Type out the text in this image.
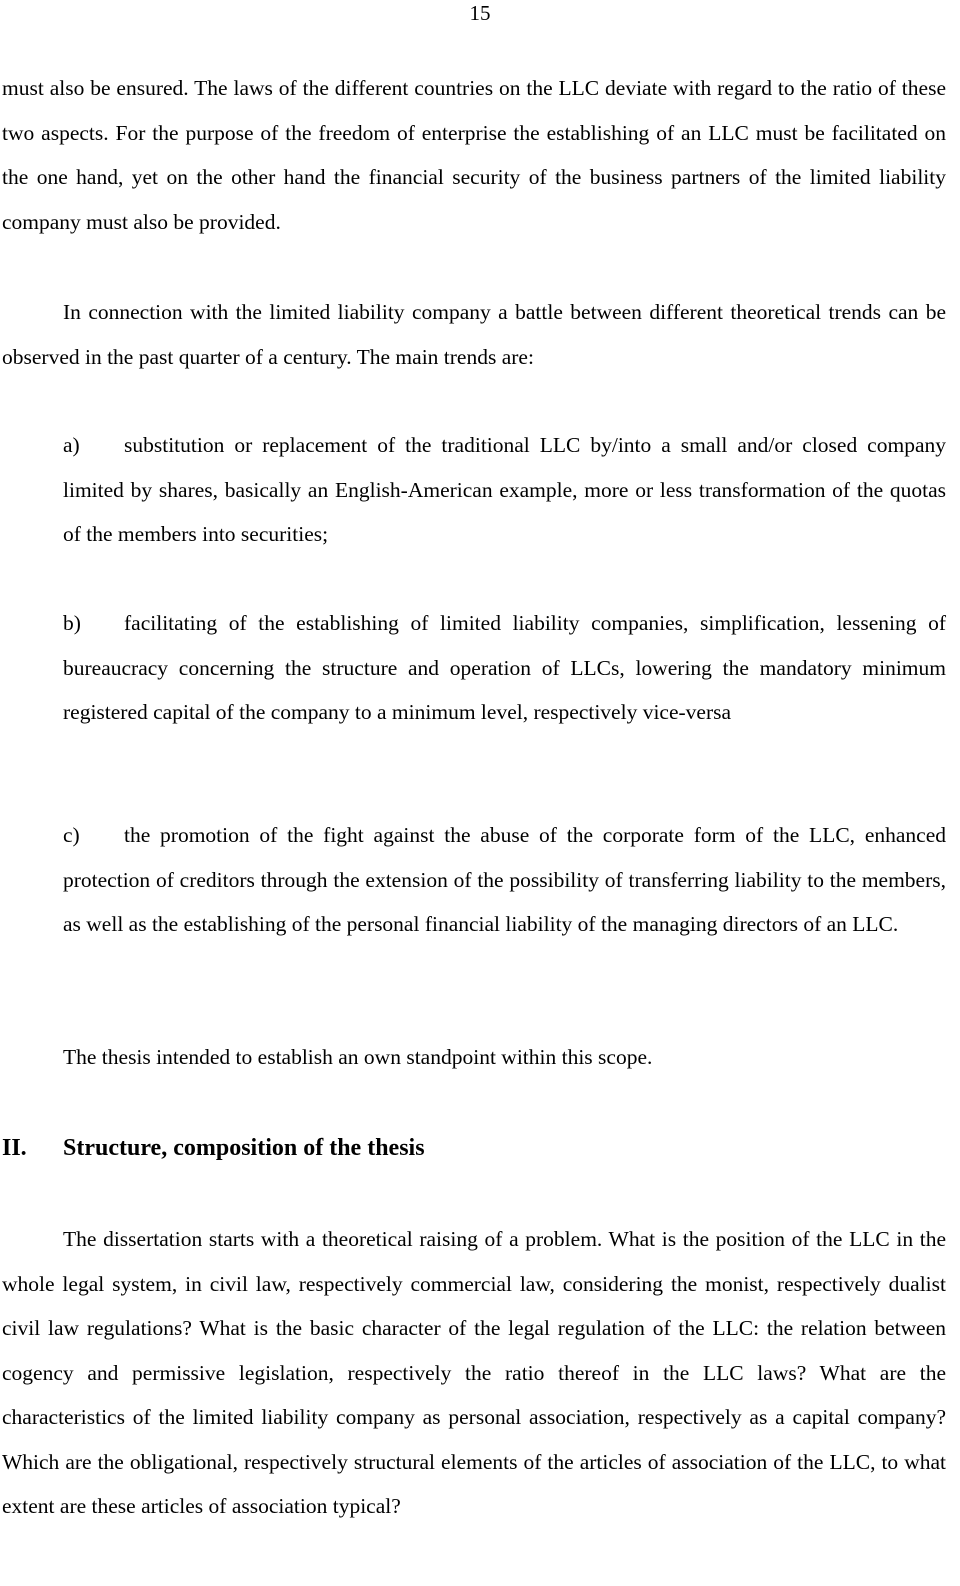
15

must also be ensured. The laws of the different countries on the LLC deviate with regard to the ratio of these two aspects. For the purpose of the freedom of enterprise the establishing of an LLC must be facilitated on the one hand, yet on the other hand the financial security of the business partners of the limited liability company must also be provided.

In connection with the limited liability company a battle between different theoretical trends can be observed in the past quarter of a century. The main trends are:

a) substitution or replacement of the traditional LLC by/into a small and/or closed company limited by shares, basically an English-American example, more or less transformation of the quotas of the members into securities;

b) facilitating of the establishing of limited liability companies, simplification, lessening of bureaucracy concerning the structure and operation of LLCs, lowering the mandatory minimum registered capital of the company to a minimum level, respectively vice-versa

c) the promotion of the fight against the abuse of the corporate form of the LLC, enhanced protection of creditors through the extension of the possibility of transferring liability to the members, as well as the establishing of the personal financial liability of the managing directors of an LLC.

The thesis intended to establish an own standpoint within this scope.

II. Structure, composition of the thesis

The dissertation starts with a theoretical raising of a problem. What is the position of the LLC in the whole legal system, in civil law, respectively commercial law, considering the monist, respectively dualist civil law regulations? What is the basic character of the legal regulation of the LLC: the relation between cogency and permissive legislation, respectively the ratio thereof in the LLC laws? What are the characteristics of the limited liability company as personal association, respectively as a capital company? Which are the obligational, respectively structural elements of the articles of association of the LLC, to what extent are these articles of association typical?
